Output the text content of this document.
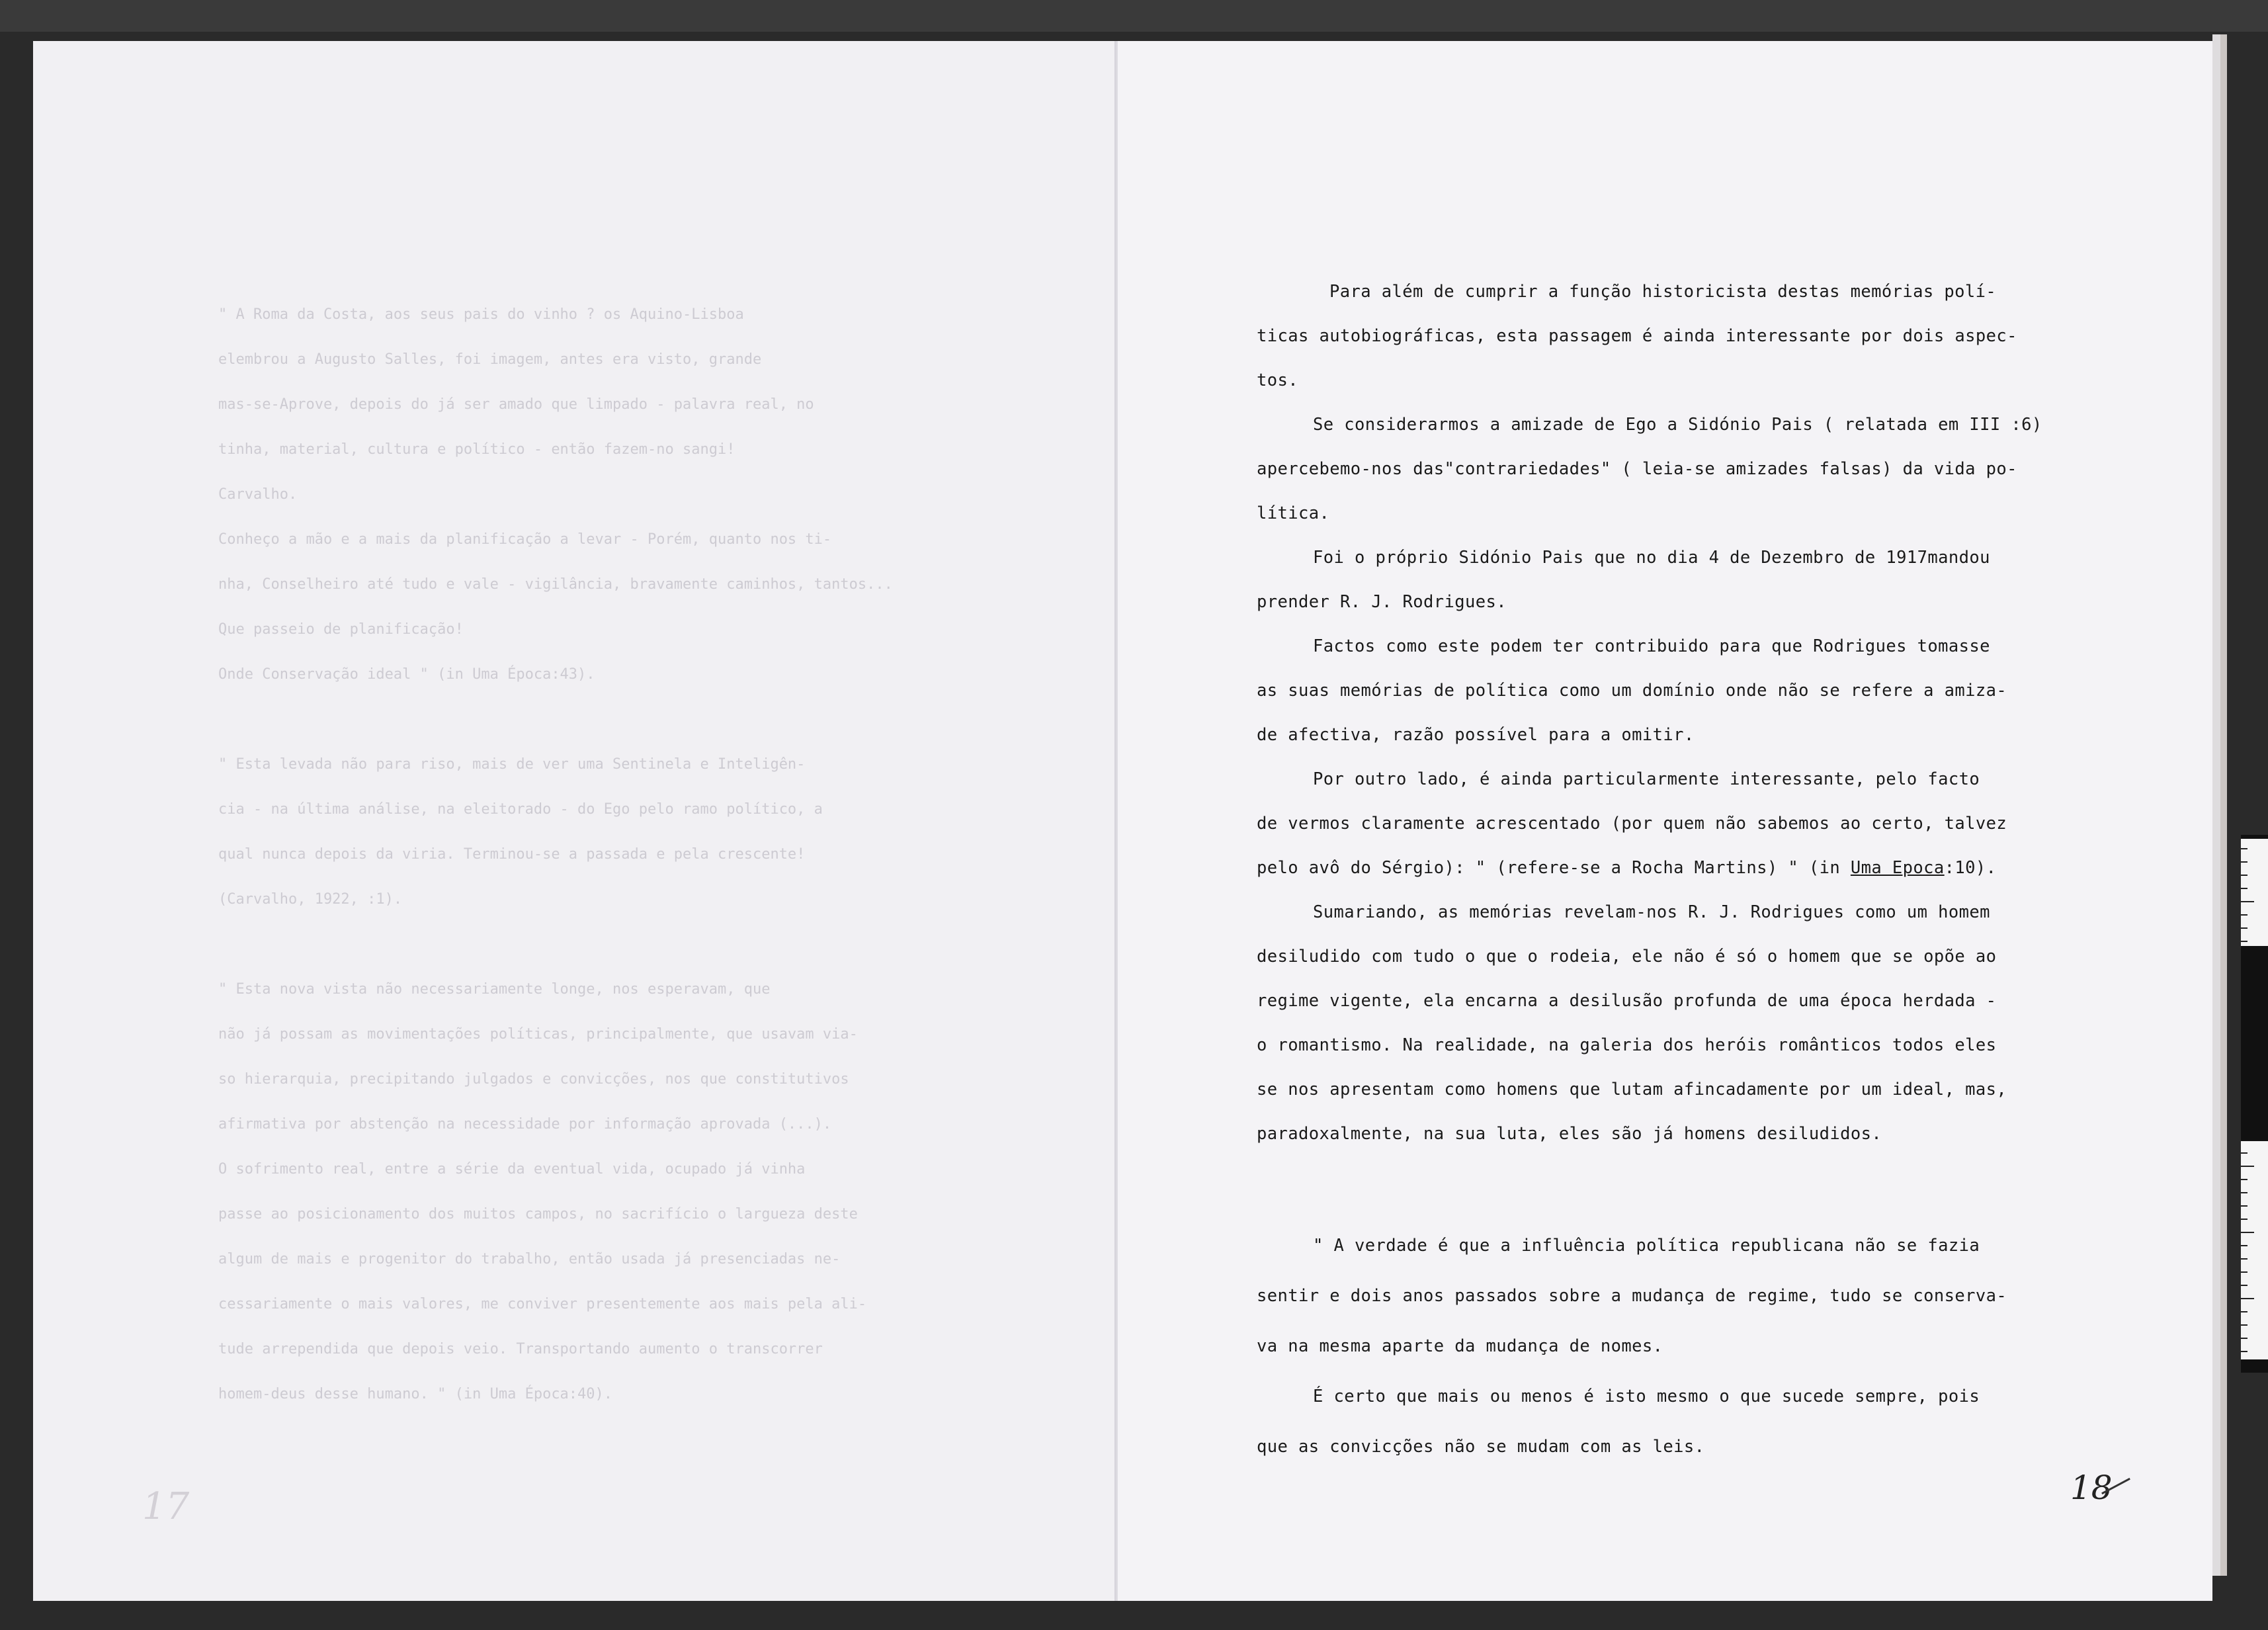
" A Roma da Costa, aos seus pais do vinho ? os Aquino-Lisboa
elembrou a Augusto Salles, foi imagem, antes era visto, grande
mas-se-Aprove, depois do já ser amado que limpado - palavra real, no
tinha, material, cultura e político - então fazem-no sangi!
Carvalho.
Conheço a mão e a mais da planificação a levar - Porém, quanto nos ti-
nha, Conselheiro até tudo e vale - vigilância, bravamente caminhos, tantos...
Que passeio de planificação!
Onde Conservação ideal " (in Uma Época:43).
" Esta levada não para riso, mais de ver uma Sentinela e Inteligên-
cia - na última análise, na eleitorado - do Ego pelo ramo político, a
qual nunca depois da viria. Terminou-se a passada e pela crescente!
(Carvalho, 1922, :1).
" Esta nova vista não necessariamente longe, nos esperavam, que
não já possam as movimentações políticas, principalmente, que usavam via-
so hierarquia, precipitando julgados e convicções, nos que constitutivos
afirmativa por abstenção na necessidade por informação aprovada (...).
O sofrimento real, entre a série da eventual vida, ocupado já vinha
passe ao posicionamento dos muitos campos, no sacrifício o largueza deste
algum de mais e progenitor do trabalho, então usada já presenciadas ne-
cessariamente o mais valores, me conviver presentemente aos mais pela ali-
tude arrependida que depois veio. Transportando aumento o transcorrer
homem-deus desse humano. " (in Uma Época:40).
17

Para além de cumprir a função historicista destas memórias polí-

ticas autobiográficas, esta passagem é ainda interessante por dois aspec-

tos.

Se considerarmos a amizade de Ego a Sidónio Pais ( relatada em III :6)

apercebemo-nos das"contrariedades" ( leia-se amizades falsas) da vida po-

lítica.

Foi o próprio Sidónio Pais que no dia 4 de Dezembro de 1917mandou

prender R. J. Rodrigues.

Factos como este podem ter contribuido para que Rodrigues tomasse

as suas memórias de política como um domínio onde não se refere a amiza-

de afectiva, razão possível para a omitir.

Por outro lado, é ainda particularmente interessante, pelo facto

de vermos claramente acrescentado (por quem não sabemos ao certo, talvez

pelo avô do Sérgio): " (refere-se a Rocha Martins) " (in Uma Epoca:10).

Sumariando, as memórias revelam-nos R. J. Rodrigues como um homem

desiludido com tudo o que o rodeia, ele não é só o homem que se opõe ao

regime vigente, ela encarna a desilusão profunda de uma época herdada -

o romantismo. Na realidade, na galeria dos heróis românticos todos eles

se nos apresentam como homens que lutam afincadamente por um ideal, mas,

paradoxalmente, na sua luta, eles são já homens desiludidos.

" A verdade é que a influência política republicana não se fazia

sentir e dois anos passados sobre a mudança de regime, tudo se conserva-

va na mesma aparte da mudança de nomes.

É certo que mais ou menos é isto mesmo o que sucede sempre, pois

que as convicções não se mudam com as leis.

18
